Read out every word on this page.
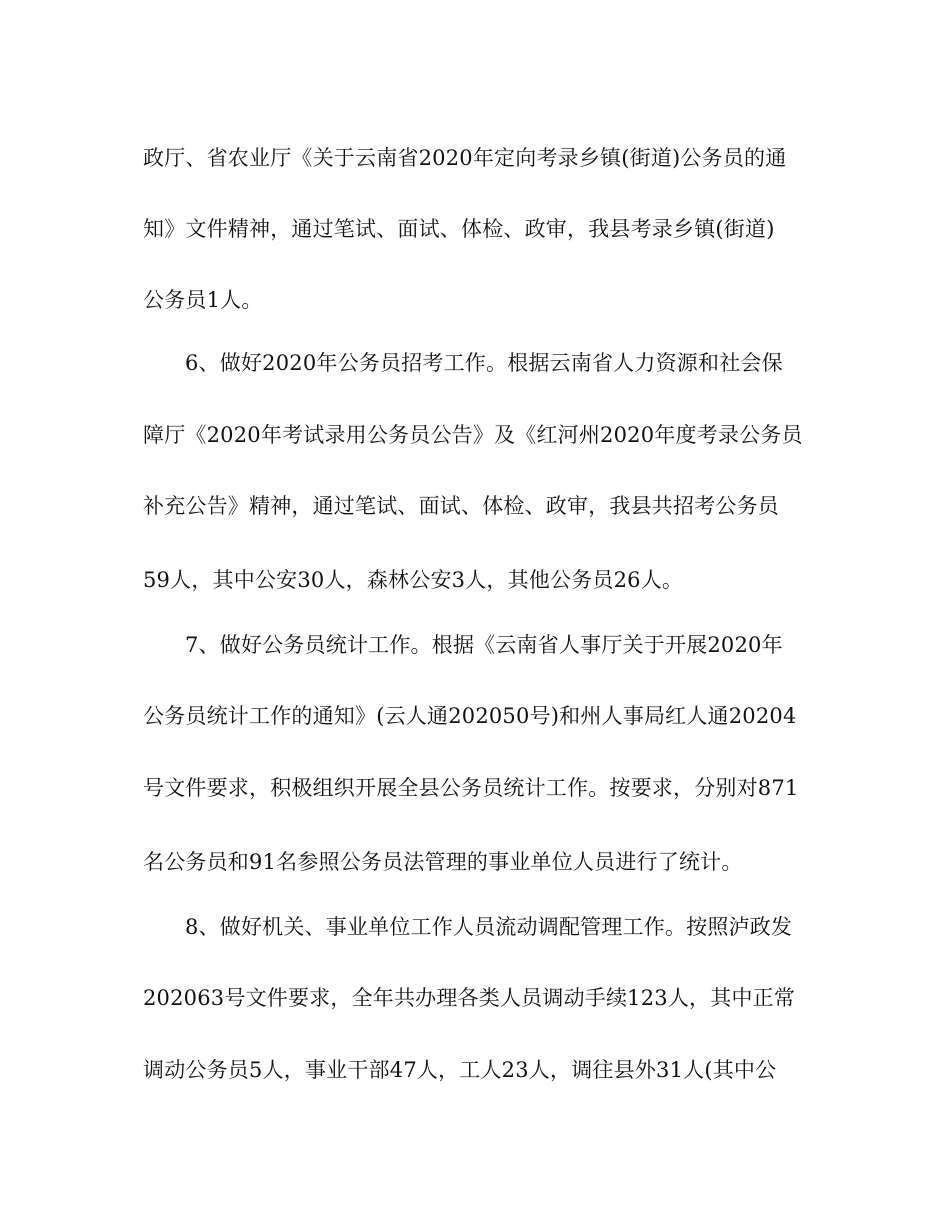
政厅、省农业厅《关于云南省2020年定向考录乡镇(街道)公务员的通
知》文件精神，通过笔试、面试、体检、政审，我县考录乡镇(街道)
公务员1人。
6、做好2020年公务员招考工作。根据云南省人力资源和社会保
障厅《2020年考试录用公务员公告》及《红河州2020年度考录公务员
补充公告》精神，通过笔试、面试、体检、政审，我县共招考公务员
59人，其中公安30人，森林公安3人，其他公务员26人。
7、做好公务员统计工作。根据《云南省人事厅关于开展2020年
公务员统计工作的通知》(云人通202050号)和州人事局红人通20204
号文件要求，积极组织开展全县公务员统计工作。按要求，分别对871
名公务员和91名参照公务员法管理的事业单位人员进行了统计。
8、做好机关、事业单位工作人员流动调配管理工作。按照泸政发
202063号文件要求，全年共办理各类人员调动手续123人，其中正常
调动公务员5人，事业干部47人，工人23人，调往县外31人(其中公
